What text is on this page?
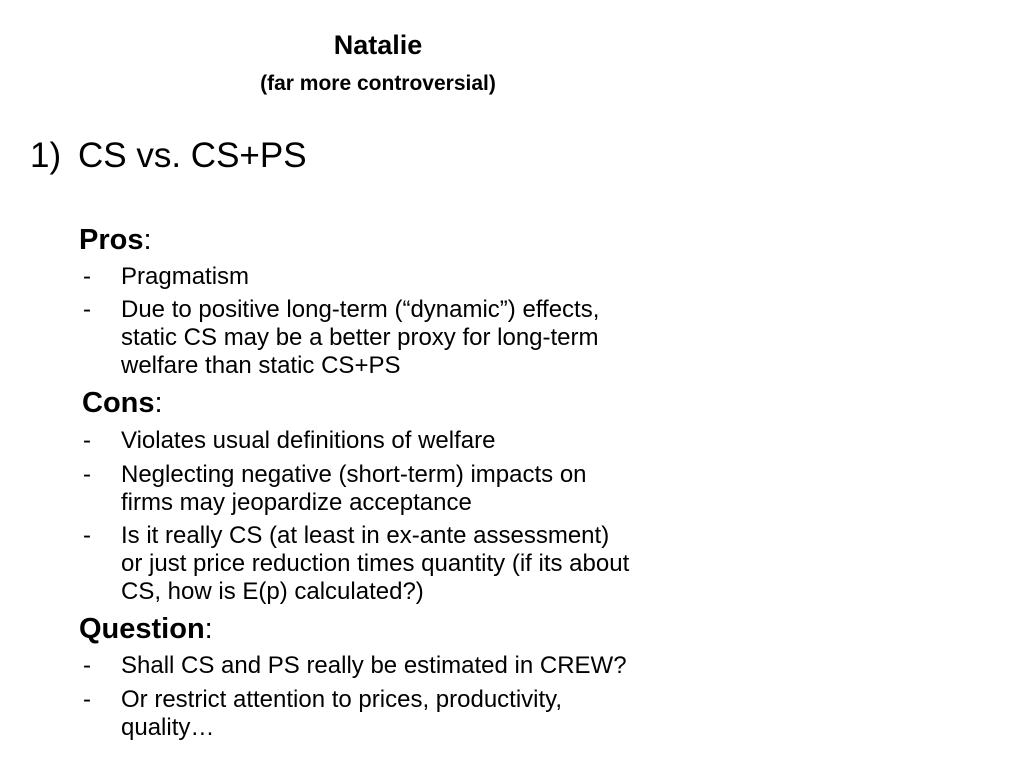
Natalie
(far more controversial)
1) CS vs. CS+PS
Pros:
- Pragmatism
- Due to positive long-term (“dynamic”) effects,
static CS may be a better proxy for long-term
welfare than static CS+PS
Cons:
- Violates usual definitions of welfare
- Neglecting negative (short-term) impacts on
firms may jeopardize acceptance
- Is it really CS (at least in ex-ante assessment)
or just price reduction times quantity (if its about
CS, how is E(p) calculated?)
Question:
- Shall CS and PS really be estimated in CREW?
- Or restrict attention to prices, productivity,
quality…
